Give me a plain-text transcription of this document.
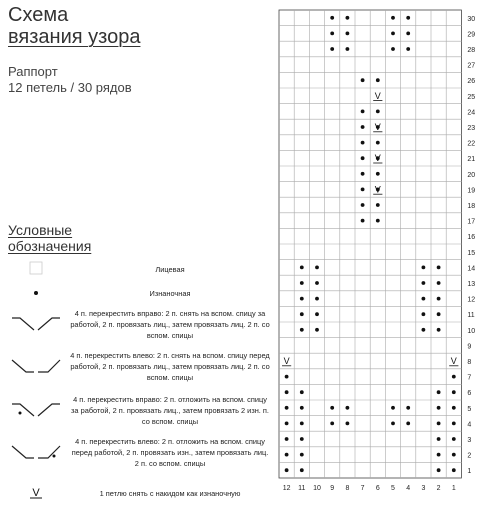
Схема
вязания узора
Раппорт
12 петель / 30 рядов
Условные
обозначения
Лицевая
Изнаночная
4 п. перекрестить вправо: 2 п. снять на вспом. спицу за работой, 2 п. провязать лиц., затем провязать лиц. 2 п. со вспом. спицы
4 п. перекрестить влево: 2 п. снять на вспом. спицу перед работой, 2 п. провязать лиц., затем провязать лиц. 2 п. со вспом. спицы
4 п. перекрестить вправо: 2 п. отложить на вспом. спицу за работой, 2 п. провязать лиц., затем провязать 2 изн. п. со вспом. спицы
4 п. перекрестить влево: 2 п. отложить на вспом. спицу перед работой, 2 п. провязать изн., затем провязать лиц. 2 п. со вспом. спицы
V	1 петлю снять с накидом как изнаночную
30
29
28
27
26
25
24
23
22
21
20
19
18
17
16
15
14
13
12
11
10
9
8
7
6
5
4
3
2
1
12 11 10 9 8 7 6 5 4 3 2 1
V
V
V
V
V	V
